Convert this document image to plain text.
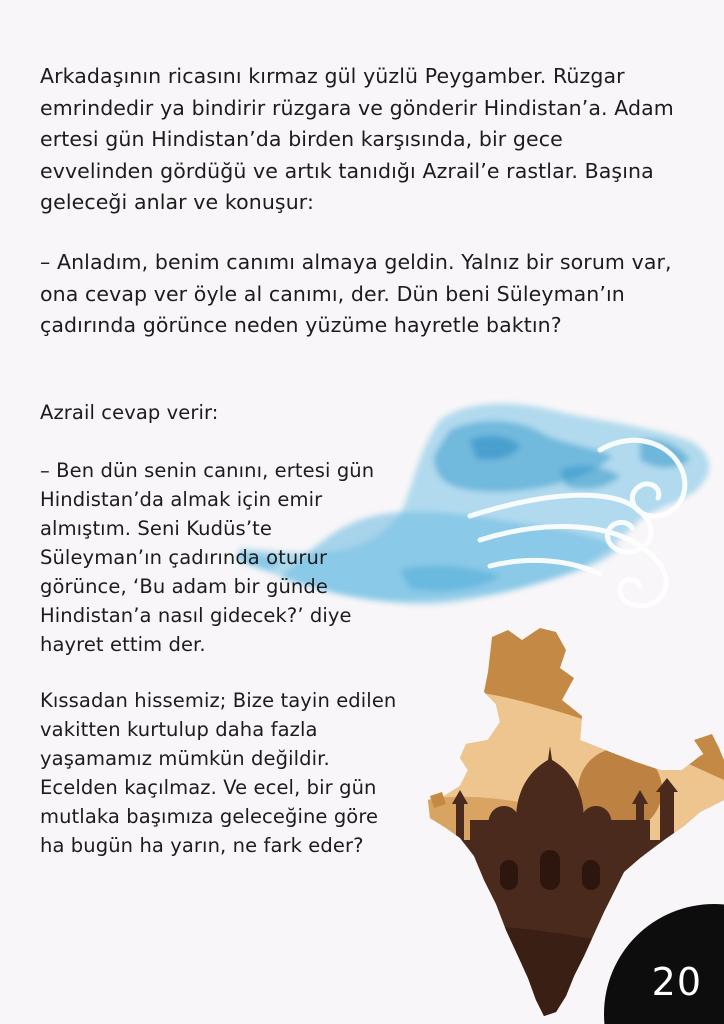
Arkadaşının ricasını kırmaz gül yüzlü Peygamber. Rüzgar emrindedir ya bindirir rüzgara ve gönderir Hindistan’a. Adam ertesi gün Hindistan’da birden karşısında, bir gece evvelinden gördüğü ve artık tanıdığı Azrail’e rastlar. Başına geleceği anlar ve konuşur:

– Anladım, benim canımı almaya geldin. Yalnız bir sorum var, ona cevap ver öyle al canımı, der. Dün beni Süleyman’ın çadırında görünce neden yüzüme hayretle baktın?

Azrail cevap verir:

– Ben dün senin canını, ertesi gün Hindistan’da almak için emir almıştım. Seni Kudüs’te Süleyman’ın çadırında oturur görünce, ‘Bu adam bir günde Hindistan’a nasıl gidecek?’ diye hayret ettim der.

Kıssadan hissemiz; Bize tayin edilen vakitten kurtulup daha fazla yaşamamız mümkün değildir.
Ecelden kaçılmaz. Ve ecel, bir gün mutlaka başımıza geleceğine göre ha bugün ha yarın, ne fark eder?

20
